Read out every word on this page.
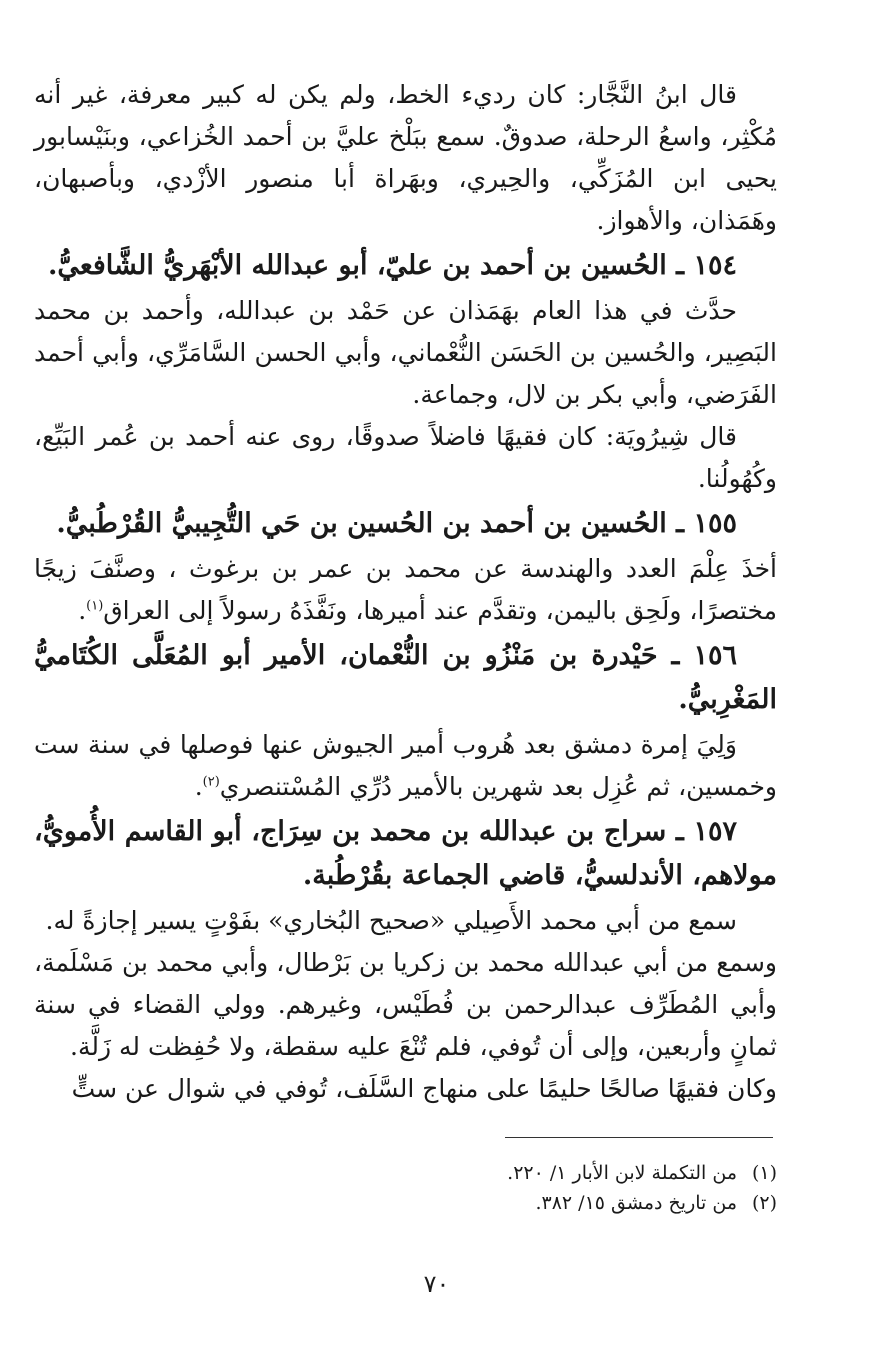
قال ابنُ النَّجَّار: كان رديء الخط، ولم يكن له كبير معرفة، غير أنه مُكْثِر، واسعُ الرحلة، صدوقٌ. سمع ببَلْخ عليَّ بن أحمد الخُزاعي، وبنَيْسابور يحيى ابن المُزَكِّي، والحِيري، وبهَراة أبا منصور الأزْدي، وبأصبهان، وهَمَذان، والأهواز.

١٥٤ ـ الحُسين بن أحمد بن عليّ، أبو عبدالله الأبْهَريُّ الشَّافعيُّ.

حدَّث في هذا العام بهَمَذان عن حَمْد بن عبدالله، وأحمد بن محمد البَصِير، والحُسين بن الحَسَن النُّعْماني، وأبي الحسن السَّامَرِّي، وأبي أحمد الفَرَضي، وأبي بكر بن لال، وجماعة.

قال شِيرُويَة: كان فقيهًا فاضلاً صدوقًا، روى عنه أحمد بن عُمر البَيِّع، وكُهُولُنا.

١٥٥ ـ الحُسين بن أحمد بن الحُسين بن حَي التُّجِيبيُّ القُرْطُبيُّ.

أخذَ عِلْمَ العدد والهندسة عن محمد بن عمر بن برغوث ، وصنَّفَ زيجًا مختصرًا، ولَحِق باليمن، وتقدَّم عند أميرها، ونَفَّذَهُ رسولاً إلى العراق$^{(١)}$.

١٥٦ ـ حَيْدرة بن مَنْزُو بن النُّعْمان، الأمير أبو المُعَلَّى الكُتَاميُّ المَغْرِبيُّ.

وَلِيَ إمرة دمشق بعد هُروب أمير الجيوش عنها فوصلها في سنة ست وخمسين، ثم عُزِل بعد شهرين بالأمير دُرِّي المُسْتنصري$^{(٢)}$.

١٥٧ ـ سراج بن عبدالله بن محمد بن سِرَاج، أبو القاسم الأُمويُّ، مولاهم، الأندلسيُّ، قاضي الجماعة بقُرْطُبة.

سمع من أبي محمد الأَصِيلي «صحيح البُخاري» بفَوْتٍ يسير إجازةً له.

وسمع من أبي عبدالله محمد بن زكريا بن بَرْطال، وأبي محمد بن مَسْلَمة، وأبي المُطَرِّف عبدالرحمن بن فُطَيْس، وغيرهم. وولي القضاء في سنة ثمانٍ وأربعين، وإلى أن تُوفي، فلم تُنْعَ عليه سقطة، ولا حُفِظت له زَلَّة.

وكان فقيهًا صالحًا حليمًا على منهاج السَّلَف، تُوفي في شوال عن ستٍّ

(١)من التكملة لابن الأبار ١/ ٢٢٠.
(٢)من تاريخ دمشق ١٥/ ٣٨٢.
٧٠
